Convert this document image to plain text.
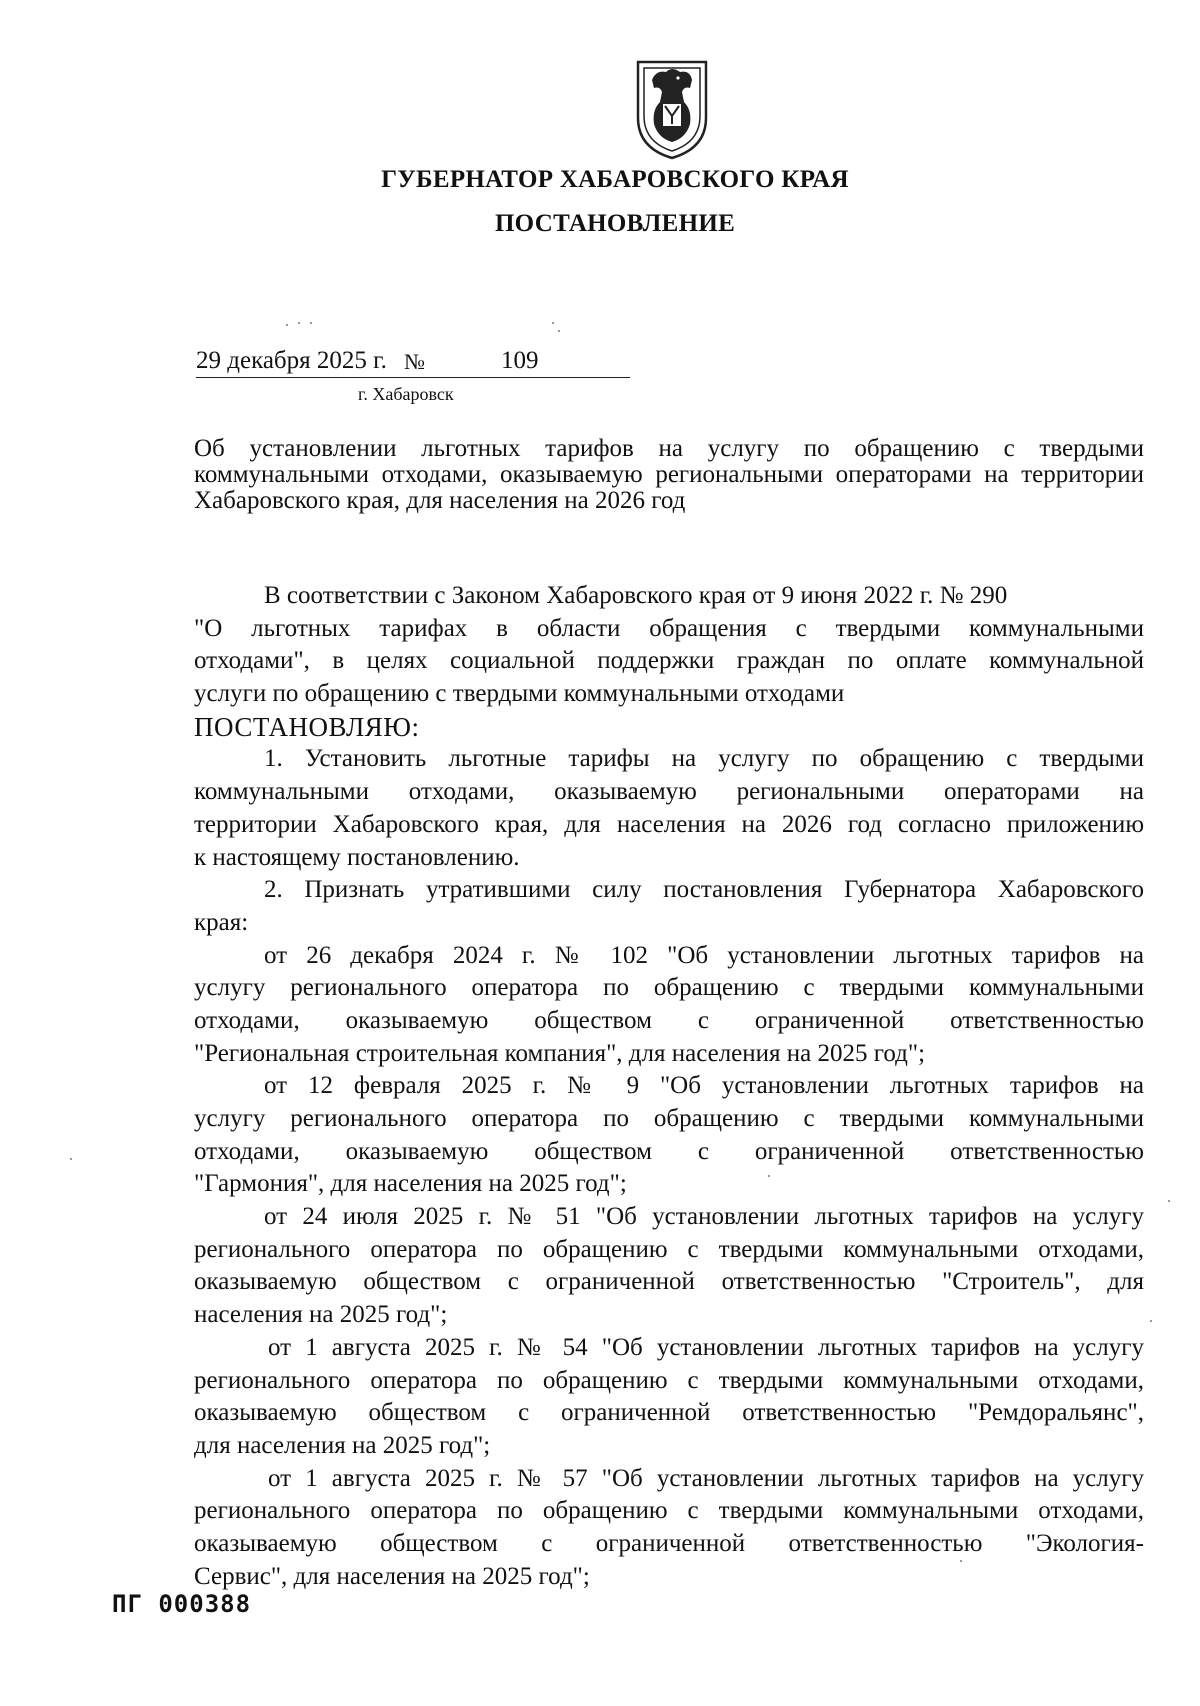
ГУБЕРНАТОР ХАБАРОВСКОГО КРАЯ
ПОСТАНОВЛЕНИЕ
29 декабря 2025 г. №	109
г. Хабаровск
Об установлении льготных тарифов на услугу по обращению с твердыми коммунальными отходами, оказываемую региональными операторами на территории Хабаровского края, для населения на 2026 год
В соответствии с Законом Хабаровского края от 9 июня 2022 г. № 290
"О льготных тарифах в области обращения с твердыми коммунальными
отходами", в целях социальной поддержки граждан по оплате коммунальной
услуги по обращению с твердыми коммунальными отходами
ПОСТАНОВЛЯЮ:
1. Установить льготные тарифы на услугу по обращению с твердыми
коммунальными отходами, оказываемую региональными операторами на
территории Хабаровского края, для населения на 2026 год согласно приложению
к настоящему постановлению.
2. Признать утратившими силу постановления Губернатора Хабаровского
края:
от 26 декабря 2024 г. № 102 "Об установлении льготных тарифов на
услугу регионального оператора по обращению с твердыми коммунальными
отходами, оказываемую обществом с ограниченной ответственностью
"Региональная строительная компания", для населения на 2025 год";
от 12 февраля 2025 г. № 9 "Об установлении льготных тарифов на
услугу регионального оператора по обращению с твердыми коммунальными
отходами, оказываемую обществом с ограниченной ответственностью
"Гармония", для населения на 2025 год";
от 24 июля 2025 г. № 51 "Об установлении льготных тарифов на услугу
регионального оператора по обращению с твердыми коммунальными отходами,
оказываемую обществом с ограниченной ответственностью "Строитель", для
населения на 2025 год";
от 1 августа 2025 г. № 54 "Об установлении льготных тарифов на услугу
регионального оператора по обращению с твердыми коммунальными отходами,
оказываемую обществом с ограниченной ответственностью "Ремдоральянс",
для населения на 2025 год";
от 1 августа 2025 г. № 57 "Об установлении льготных тарифов на услугу
регионального оператора по обращению с твердыми коммунальными отходами,
оказываемую обществом с ограниченной ответственностью "Экология-
Сервис", для населения на 2025 год";
ПГ 000388
